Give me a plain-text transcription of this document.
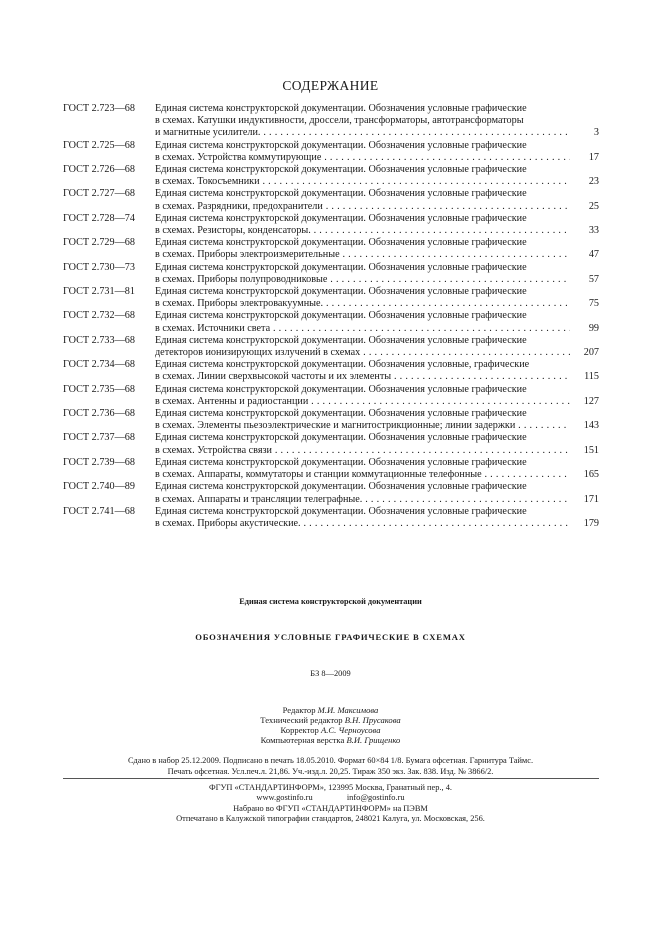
СОДЕРЖАНИЕ
ГОСТ 2.723—68	Единая система конструкторской документации. Обозначения условные графические
в схемах. Катушки индуктивности, дроссели, трансформаторы, автотрансформаторы
и магнитные усилители. . . .	3
ГОСТ 2.725—68	Единая система конструкторской документации. Обозначения условные графические
в схемах. Устройства коммутирующие . . .	17
ГОСТ 2.726—68	Единая система конструкторской документации. Обозначения условные графические
в схемах. Токосъемники . . .	23
ГОСТ 2.727—68	Единая система конструкторской документации. Обозначения условные графические
в схемах. Разрядники, предохранители . . .	25
ГОСТ 2.728—74	Единая система конструкторской документации. Обозначения условные графические
в схемах. Резисторы, конденсаторы. . . .	33
ГОСТ 2.729—68	Единая система конструкторской документации. Обозначения условные графические
в схемах. Приборы электроизмерительные . . .	47
ГОСТ 2.730—73	Единая система конструкторской документации. Обозначения условные графические
в схемах. Приборы полупроводниковые . . .	57
ГОСТ 2.731—81	Единая система конструкторской документации. Обозначения условные графические
в схемах. Приборы электровакуумные. . . .	75
ГОСТ 2.732—68	Единая система конструкторской документации. Обозначения условные графические
в схемах. Источники света . . .	99
ГОСТ 2.733—68	Единая система конструкторской документации. Обозначения условные графические
детекторов ионизирующих излучений в схемах . . .	207
ГОСТ 2.734—68	Единая система конструкторской документации. Обозначения условные, графические
в схемах. Линии сверхвысокой частоты и их элементы . . .	115
ГОСТ 2.735—68	Единая система конструкторской документации. Обозначения условные графические
в схемах. Антенны и радиостанции . . .	127
ГОСТ 2.736—68	Единая система конструкторской документации. Обозначения условные графические
в схемах. Элементы пьезоэлектрические и магнитострикционные; линии задержки . . .	143
ГОСТ 2.737—68	Единая система конструкторской документации. Обозначения условные графические
в схемах. Устройства связи . . .	151
ГОСТ 2.739—68	Единая система конструкторской документации. Обозначения условные графические
в схемах. Аппараты, коммутаторы и станции коммутационные телефонные . . .	165
ГОСТ 2.740—89	Единая система конструкторской документации. Обозначения условные графические
в схемах. Аппараты и трансляции телеграфные. . . .	171
ГОСТ 2.741—68	Единая система конструкторской документации. Обозначения условные графические
в схемах. Приборы акустические. . . .	179
Единая система конструкторской документации
ОБОЗНАЧЕНИЯ УСЛОВНЫЕ ГРАФИЧЕСКИЕ В СХЕМАХ
БЗ 8—2009
Редактор М.И. Максимова
Технический редактор В.Н. Прусакова
Корректор А.С. Черноусова
Компьютерная верстка В.И. Грищенко
Сдано в набор 25.12.2009. Подписано в печать 18.05.2010. Формат 60×84 1/8. Бумага офсетная. Гарнитура Таймс.
Печать офсетная. Усл.печ.л. 21,86. Уч.-изд.л. 20,25. Тираж 350 экз. Зак. 838. Изд. № 3866/2.
ФГУП «СТАНДАРТИНФОРМ», 123995 Москва, Гранатный пер., 4.
www.gostinfo.ru	info@gostinfo.ru
Набрано во ФГУП «СТАНДАРТИНФОРМ» на ПЭВМ
Отпечатано в Калужской типографии стандартов, 248021 Калуга, ул. Московская, 256.
